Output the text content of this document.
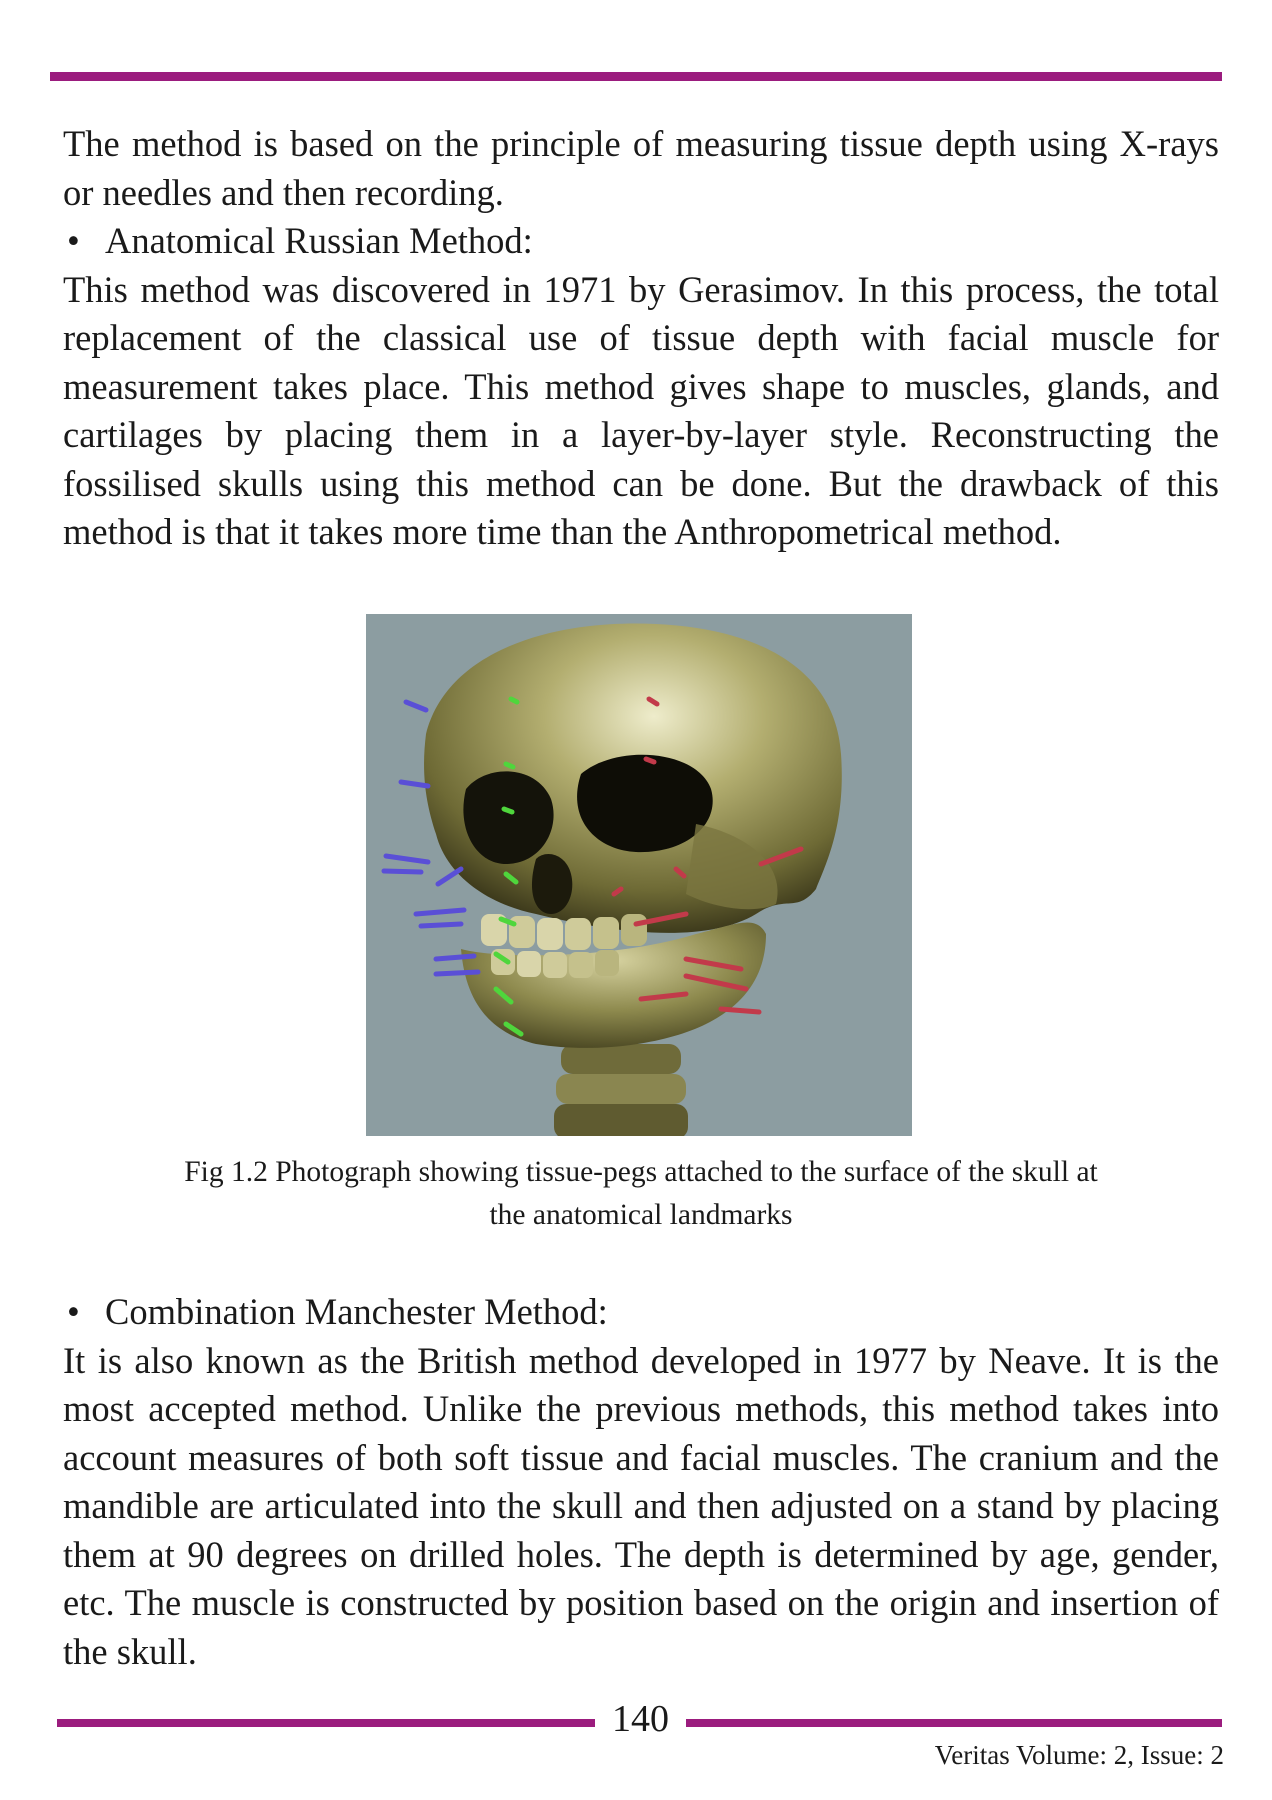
The method is based on the principle of measuring tissue depth using X-rays or needles and then recording.

• Anatomical Russian Method:

This method was discovered in 1971 by Gerasimov. In this process, the total replacement of the classical use of tissue depth with facial muscle for measurement takes place. This method gives shape to muscles, glands, and cartilages by placing them in a layer-by-layer style. Reconstructing the fossilised skulls using this method can be done. But the drawback of this method is that it takes more time than the Anthropometrical method.

Fig 1.2 Photograph showing tissue-pegs attached to the surface of the skull at
the anatomical landmarks
• Combination Manchester Method:

It is also known as the British method developed in 1977 by Neave. It is the most accepted method. Unlike the previous methods, this method takes into account measures of both soft tissue and facial muscles. The cranium and the mandible are articulated into the skull and then adjusted on a stand by placing them at 90 degrees on drilled holes. The depth is determined by age, gender, etc. The muscle is constructed by position based on the origin and insertion of the skull.

140
Veritas Volume: 2, Issue: 2
